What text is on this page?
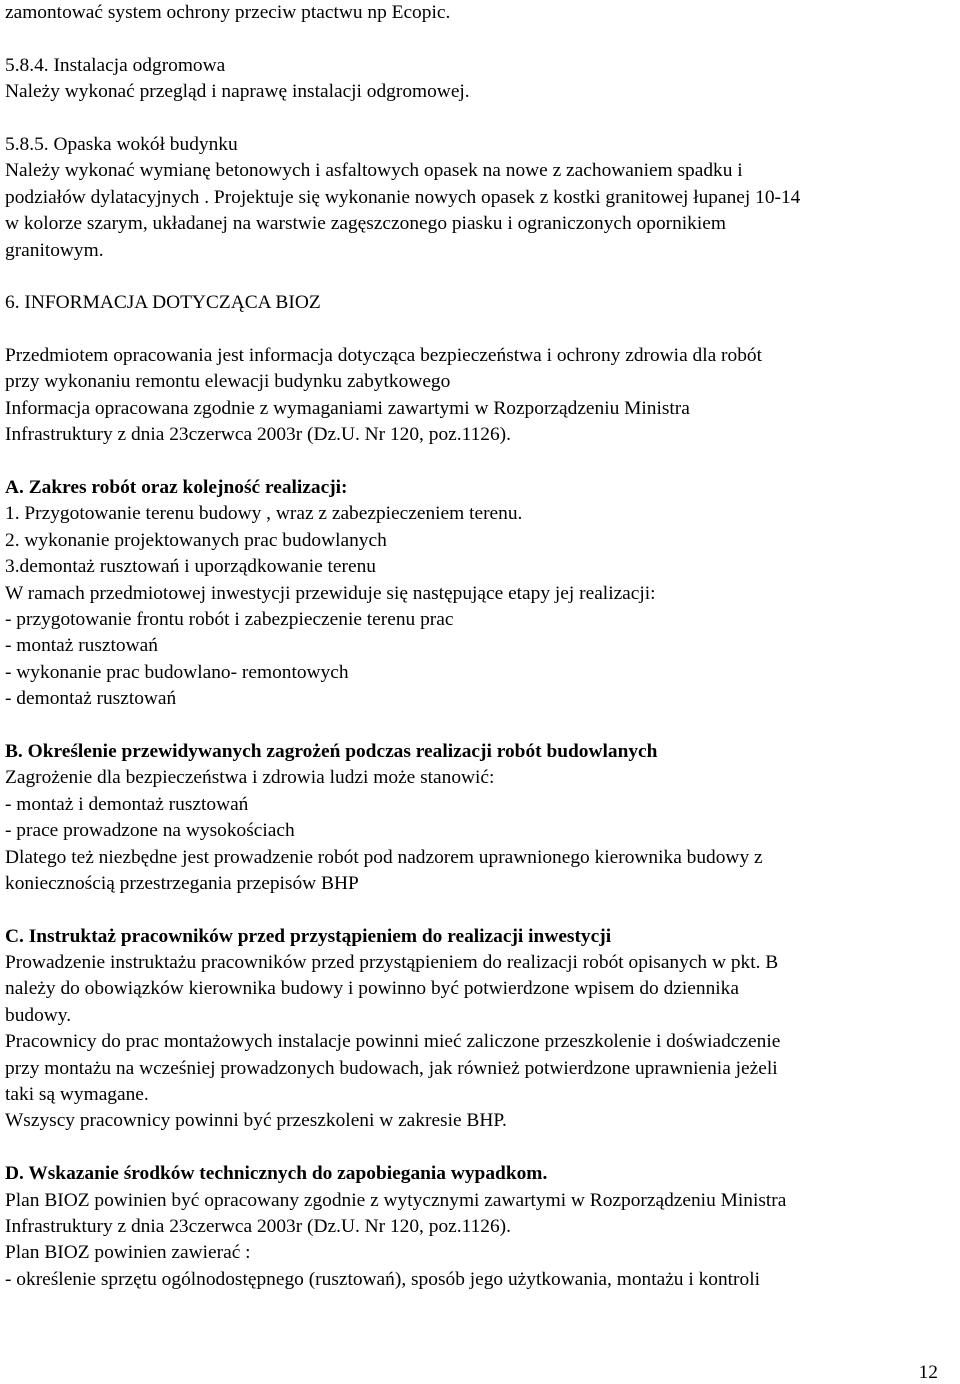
zamontować system ochrony przeciw ptactwu np Ecopic.
5.8.4. Instalacja odgromowa
Należy wykonać przegląd i naprawę instalacji odgromowej.
5.8.5. Opaska wokół budynku
Należy wykonać wymianę betonowych i asfaltowych opasek na nowe z zachowaniem spadku i
podziałów dylatacyjnych . Projektuje się wykonanie nowych opasek z kostki granitowej łupanej 10-14
w kolorze szarym, układanej na warstwie zagęszczonego piasku i ograniczonych opornikiem
granitowym.
6. INFORMACJA DOTYCZĄCA BIOZ
Przedmiotem opracowania jest informacja dotycząca bezpieczeństwa i ochrony zdrowia dla robót
przy wykonaniu remontu elewacji budynku zabytkowego
Informacja opracowana zgodnie z wymaganiami zawartymi w Rozporządzeniu Ministra
Infrastruktury z dnia 23czerwca 2003r (Dz.U. Nr 120, poz.1126).
A. Zakres robót oraz kolejność realizacji:
1. Przygotowanie terenu budowy , wraz z zabezpieczeniem terenu.
2. wykonanie projektowanych prac budowlanych
3.demontaż rusztowań i uporządkowanie terenu
W ramach przedmiotowej inwestycji przewiduje się następujące etapy jej realizacji:
- przygotowanie frontu robót i zabezpieczenie terenu prac
- montaż rusztowań
- wykonanie prac budowlano- remontowych
- demontaż rusztowań
B. Określenie przewidywanych zagrożeń podczas realizacji robót budowlanych
Zagrożenie dla bezpieczeństwa i zdrowia ludzi może stanowić:
- montaż i demontaż rusztowań
- prace prowadzone na wysokościach
Dlatego też niezbędne jest prowadzenie robót pod nadzorem uprawnionego kierownika budowy z
koniecznością przestrzegania przepisów BHP
C. Instruktaż pracowników przed przystąpieniem do realizacji inwestycji
Prowadzenie instruktażu pracowników przed przystąpieniem do realizacji robót opisanych w pkt. B
należy do obowiązków kierownika budowy i powinno być potwierdzone wpisem do dziennika
budowy.
Pracownicy do prac montażowych instalacje powinni mieć zaliczone przeszkolenie i doświadczenie
przy montażu na wcześniej prowadzonych budowach, jak również potwierdzone uprawnienia jeżeli
taki są wymagane.
Wszyscy pracownicy powinni być przeszkoleni w zakresie BHP.
D. Wskazanie środków technicznych do zapobiegania wypadkom.
Plan BIOZ powinien być opracowany zgodnie z wytycznymi zawartymi w Rozporządzeniu Ministra
Infrastruktury z dnia 23czerwca 2003r (Dz.U. Nr 120, poz.1126).
Plan BIOZ powinien zawierać :
- określenie sprzętu ogólnodostępnego (rusztowań), sposób jego użytkowania, montażu i kontroli
12
